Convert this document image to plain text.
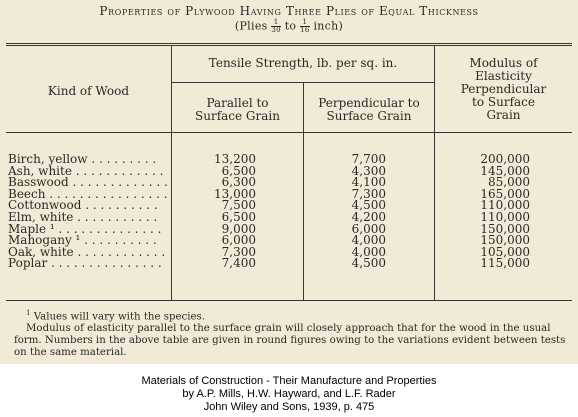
Properties of Plywood Having Three Plies of Equal Thickness
(Plies $\frac{1}{30}$ to $\frac{1}{16}$ inch)
Kind of Wood
Tensile Strength, lb. per sq. in.
Parallel to
Surface Grain
Perpendicular to
Surface Grain
Modulus of
Elasticity
Perpendicular
to Surface
Grain
Birch, yellow . . . . . . . . .
Ash, white . . . . . . . . . . . .
Basswood . . . . . . . . . . . . .
Beech . . . . . . . . . . . . . . . .
Cottonwood . . . . . . . . . .
Elm, white . . . . . . . . . . .
Maple ¹ . . . . . . . . . . . . . .
Mahogany ¹ . . . . . . . . . .
Oak, white . . . . . . . . . . . .
Poplar . . . . . . . . . . . . . . .
13,200
6,500
6,300
13,000
7,500
6,500
9,000
6,000
7,300
7,400
7,700
4,300
4,100
7,300
4,500
4,200
6,000
4,000
4,000
4,500
200,000
145,000
85,000
165,000
110,000
110,000
150,000
150,000
105,000
115,000

$^1$ Values will vary with the species.

Modulus of elasticity parallel to the surface grain will closely approach that for the wood in the usual form. Numbers in the above table are given in round figures owing to the variations evident between tests on the same material.

Materials of Construction - Their Manufacture and Properties
by A.P. Mills, H.W. Hayward, and L.F. Rader
John Wiley and Sons, 1939, p. 475
